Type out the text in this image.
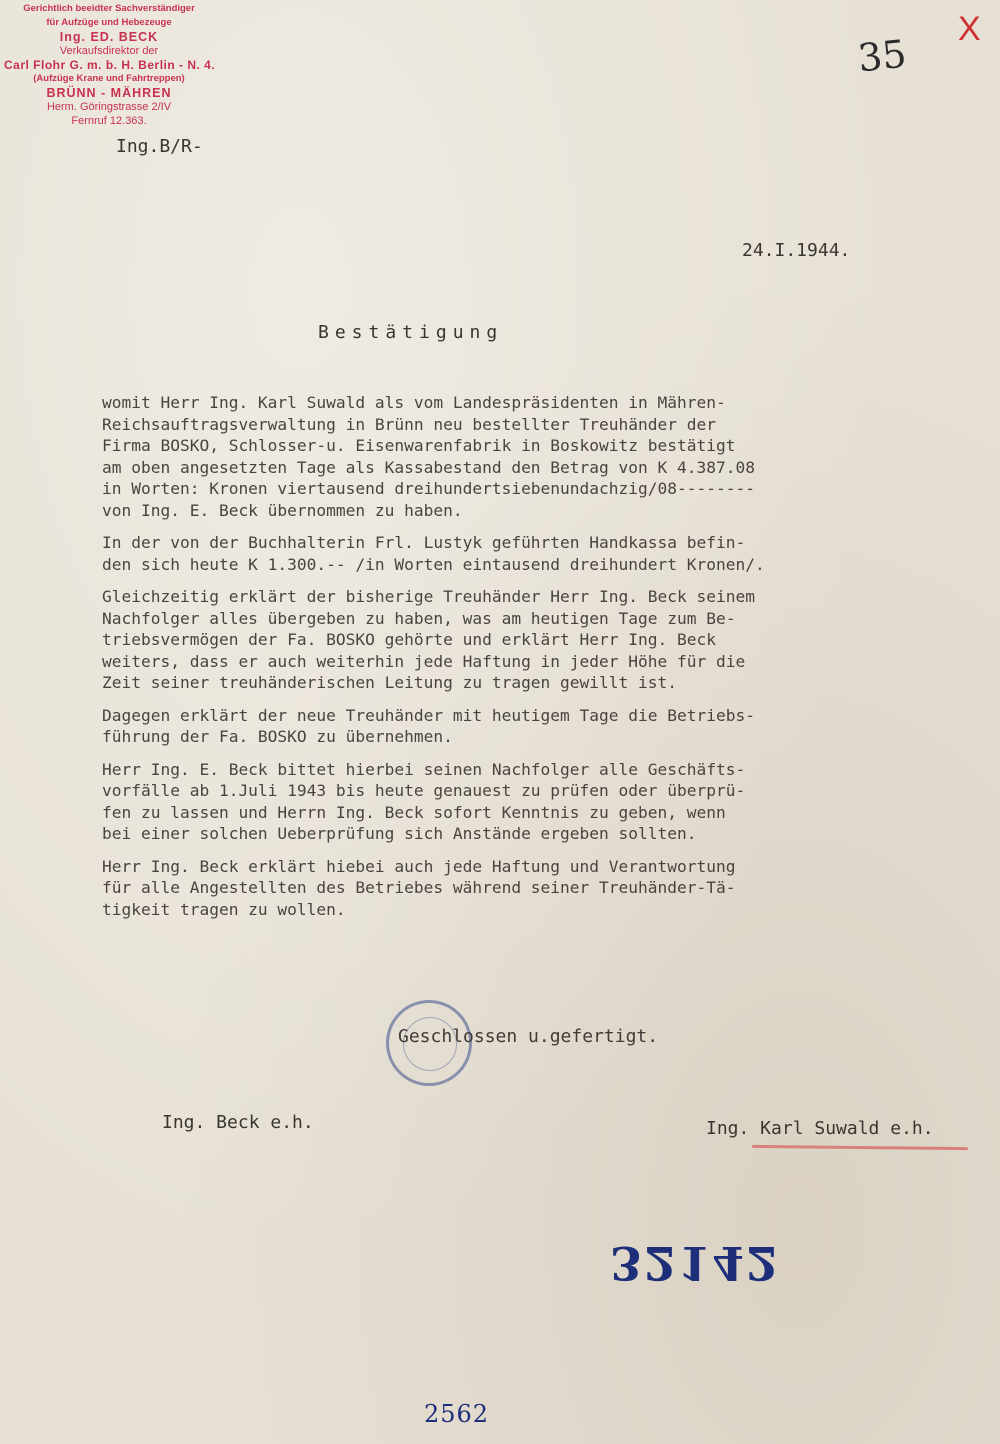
Gerichtlich beeidter Sachverständiger
für Aufzüge und Hebezeuge
Ing. ED. BECK
Verkaufsdirektor der
Carl Flohr G. m. b. H. Berlin - N. 4.
(Aufzüge Krane und Fahrtreppen)
BRÜNN - MÄHREN
Herm. Göringstrasse 2/IV
Fernruf 12.363.
35
X
Ing.B/R-
24.I.1944.
Bestätigung
womit Herr Ing. Karl Suwald als vom Landespräsidenten in Mähren-
Reichsauftragsverwaltung in Brünn neu bestellter Treuhänder der
Firma BOSKO, Schlosser-u. Eisenwarenfabrik in Boskowitz bestätigt
am oben angesetzten Tage als Kassabestand den Betrag von K 4.387.08
in Worten: Kronen viertausend dreihundertsiebenundachzig/08--------
von Ing. E. Beck übernommen zu haben.
In der von der Buchhalterin Frl. Lustyk geführten Handkassa befin-
den sich heute K 1.300.-- /in Worten eintausend dreihundert Kronen/.
Gleichzeitig erklärt der bisherige Treuhänder Herr Ing. Beck seinem
Nachfolger alles übergeben zu haben, was am heutigen Tage zum Be-
triebsvermögen der Fa. BOSKO gehörte und erklärt Herr Ing. Beck
weiters, dass er auch weiterhin jede Haftung in jeder Höhe für die
Zeit seiner treuhänderischen Leitung zu tragen gewillt ist.
Dagegen erklärt der neue Treuhänder mit heutigem Tage die Betriebs-
führung der Fa. BOSKO zu übernehmen.
Herr Ing. E. Beck bittet hierbei seinen Nachfolger alle Geschäfts-
vorfälle ab 1.Juli 1943 bis heute genauest zu prüfen oder überprü-
fen zu lassen und Herrn Ing. Beck sofort Kenntnis zu geben, wenn
bei einer solchen Ueberprüfung sich Anstände ergeben sollten.
Herr Ing. Beck erklärt hiebei auch jede Haftung und Verantwortung
für alle Angestellten des Betriebes während seiner Treuhänder-Tä-
tigkeit tragen zu wollen.
Geschlossen u.gefertigt.
Ing. Beck e.h.	Ing. Karl Suwald e.h.
32142
2562
